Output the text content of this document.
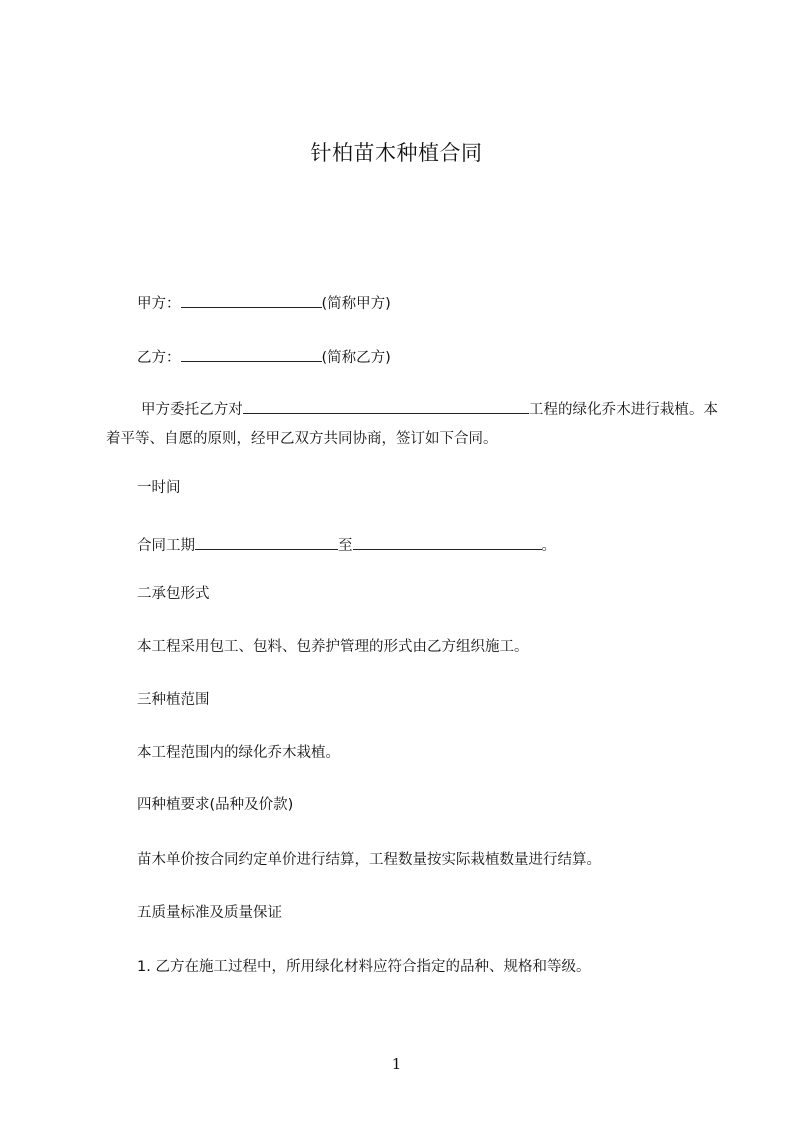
针柏苗木种植合同
甲方：	(简称甲方)
乙方：	(简称乙方)
甲方委托乙方对	工程的绿化乔木进行栽植。本着平等、自愿的原则，经甲乙双方共同协商，签订如下合同。
一时间
合同工期	至	。
二承包形式
本工程采用包工、包料、包养护管理的形式由乙方组织施工。
三种植范围
本工程范围内的绿化乔木栽植。
四种植要求(品种及价款)
苗木单价按合同约定单价进行结算，工程数量按实际栽植数量进行结算。
五质量标准及质量保证
1. 乙方在施工过程中，所用绿化材料应符合指定的品种、规格和等级。
1
